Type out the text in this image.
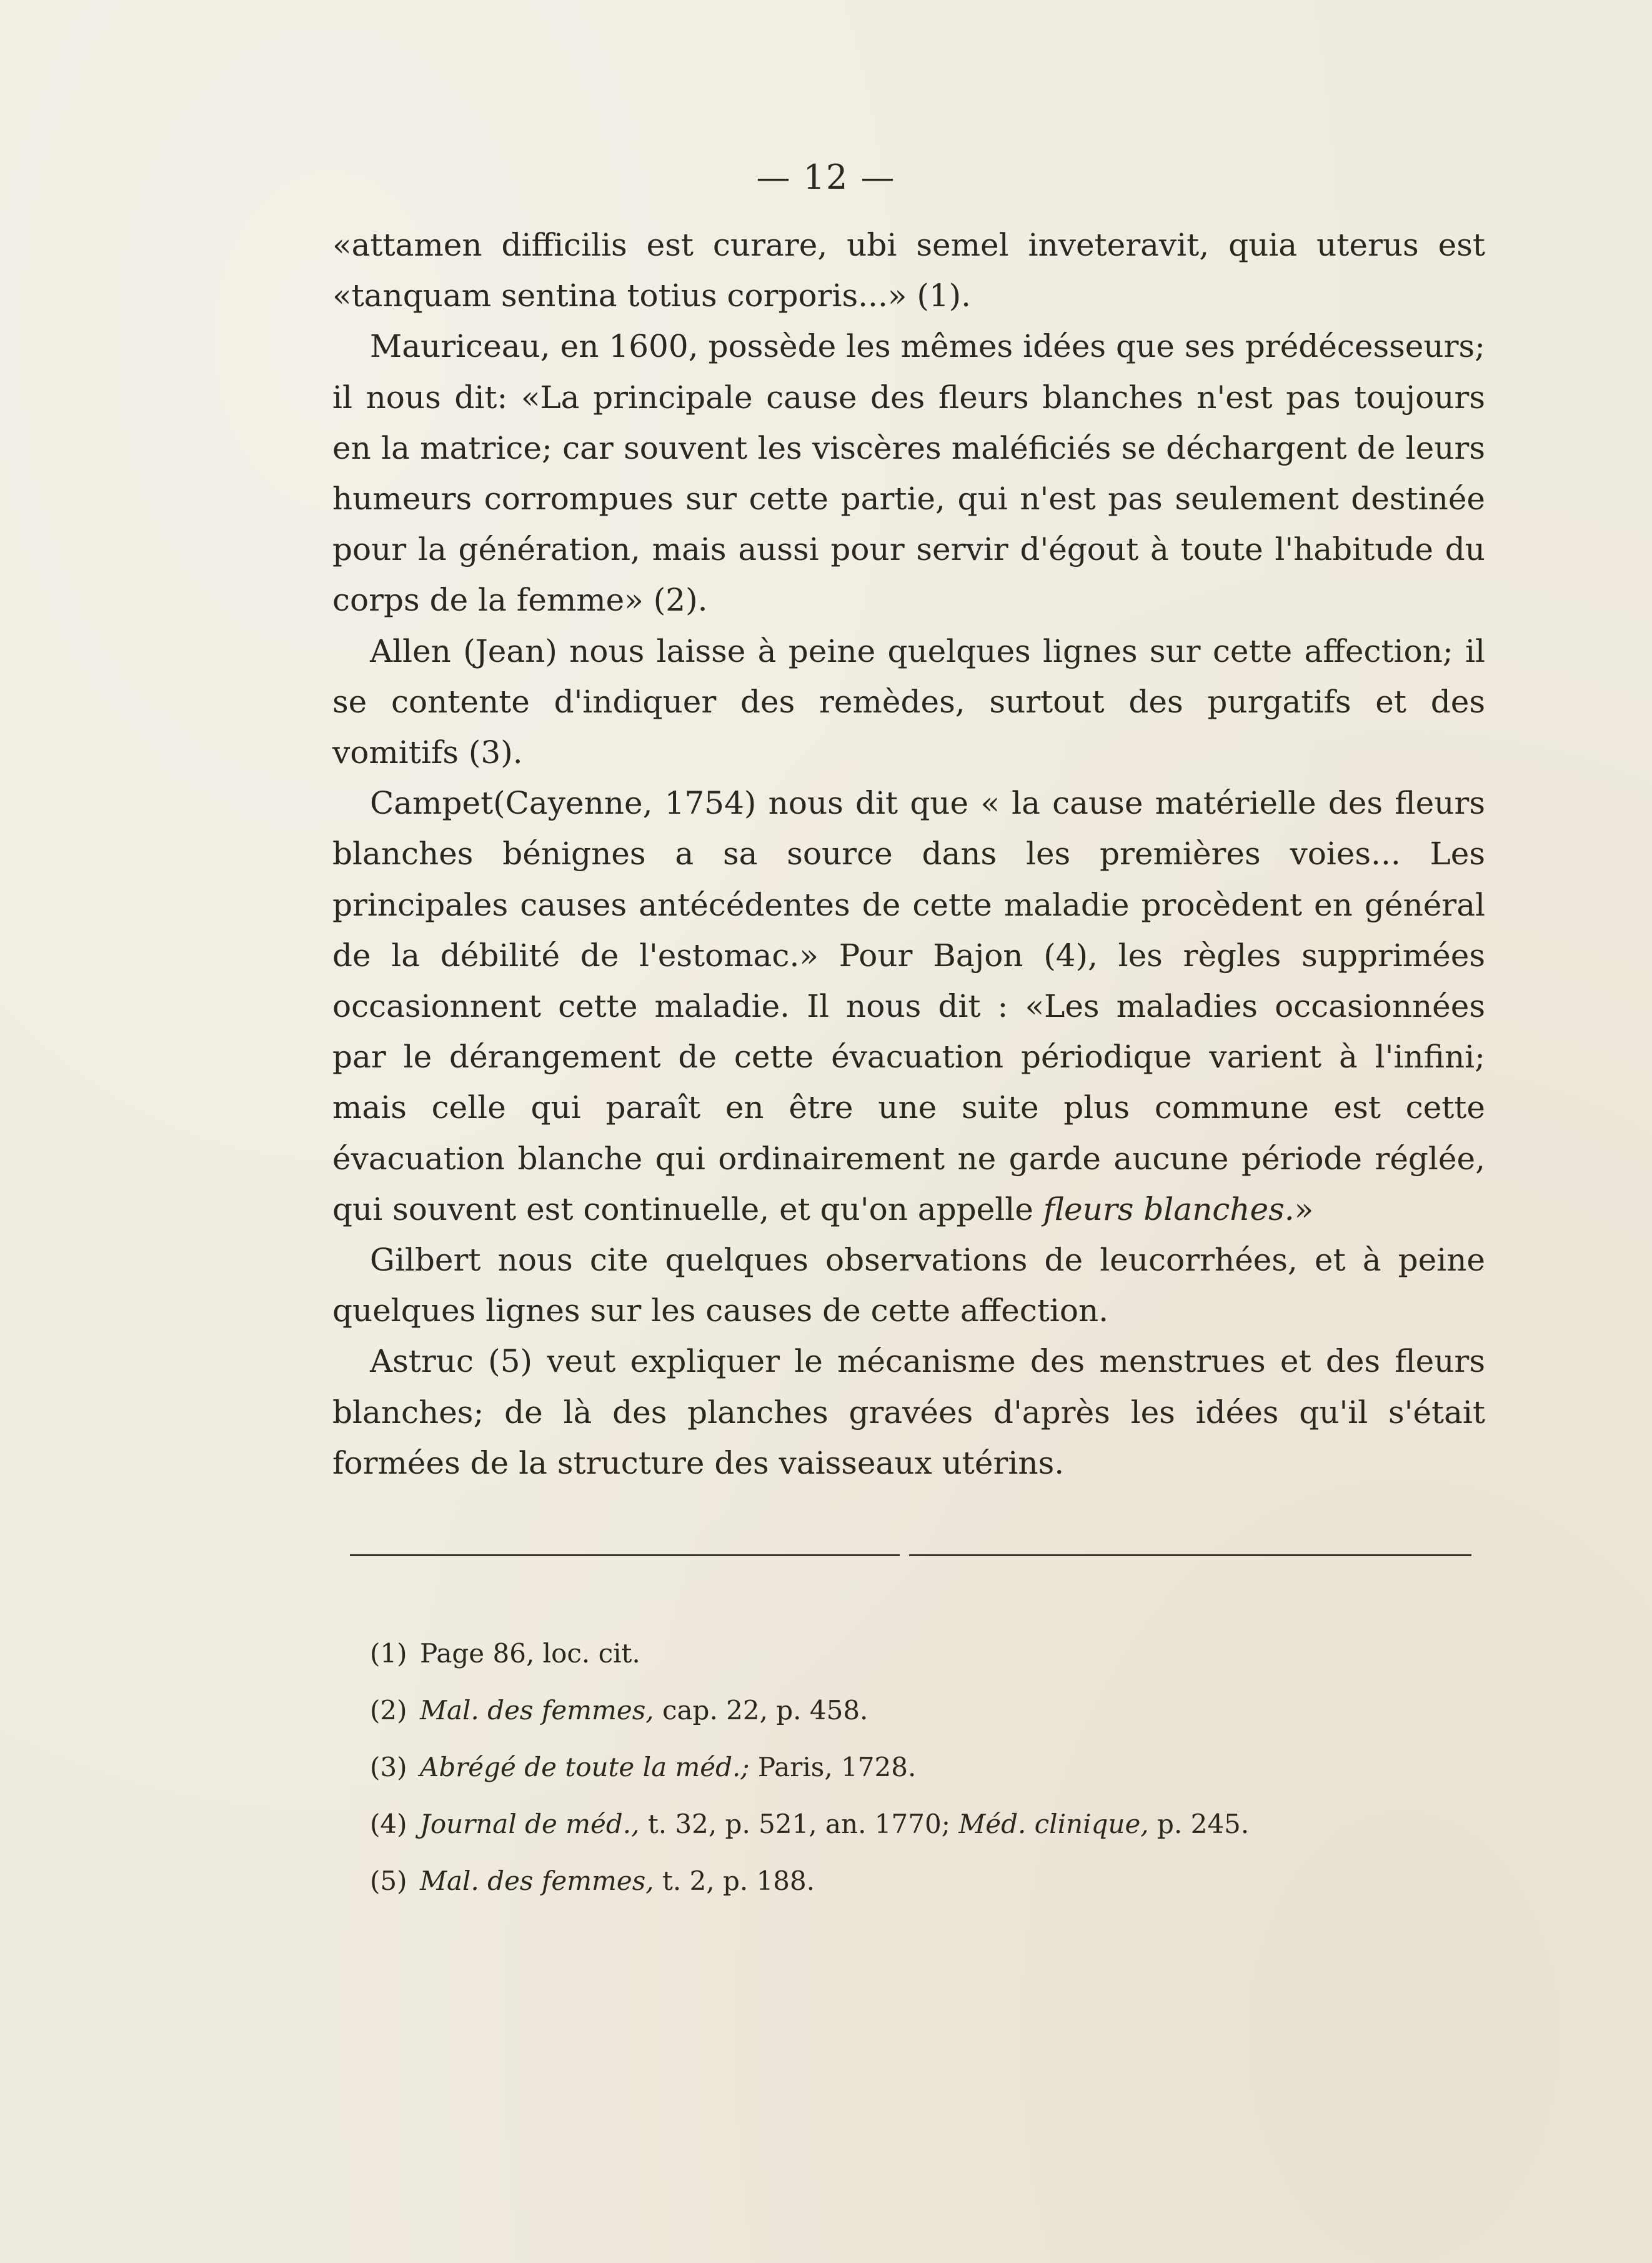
— 12 —

«attamen difficilis est curare, ubi semel inveteravit, quia uterus est «tanquam sentina totius corporis...» (1).

Mauriceau, en 1600, possède les mêmes idées que ses prédécesseurs; il nous dit: «La principale cause des fleurs blanches n'est pas toujours en la matrice; car souvent les viscères maléficiés se déchargent de leurs humeurs corrompues sur cette partie, qui n'est pas seulement destinée pour la génération, mais aussi pour servir d'égout à toute l'habitude du corps de la femme» (2).

Allen (Jean) nous laisse à peine quelques lignes sur cette affection; il se contente d'indiquer des remèdes, surtout des purgatifs et des vomitifs (3).

Campet(Cayenne, 1754) nous dit que « la cause matérielle des fleurs blanches bénignes a sa source dans les premières voies... Les principales causes antécédentes de cette maladie procèdent en général de la débilité de l'estomac.» Pour Bajon (4), les règles supprimées occasionnent cette maladie. Il nous dit : «Les maladies occasionnées par le dérangement de cette évacuation périodique varient à l'infini; mais celle qui paraît en être une suite plus commune est cette évacuation blanche qui ordinairement ne garde aucune période réglée, qui souvent est continuelle, et qu'on appelle fleurs blanches.»

Gilbert nous cite quelques observations de leucorrhées, et à peine quelques lignes sur les causes de cette affection.

Astruc (5) veut expliquer le mécanisme des menstrues et des fleurs blanches; de là des planches gravées d'après les idées qu'il s'était formées de la structure des vaisseaux utérins.

(1) Page 86, loc. cit.
(2) Mal. des femmes, cap. 22, p. 458.
(3) Abrégé de toute la méd.; Paris, 1728.
(4) Journal de méd., t. 32, p. 521, an. 1770; Méd. clinique, p. 245.
(5) Mal. des femmes, t. 2, p. 188.
